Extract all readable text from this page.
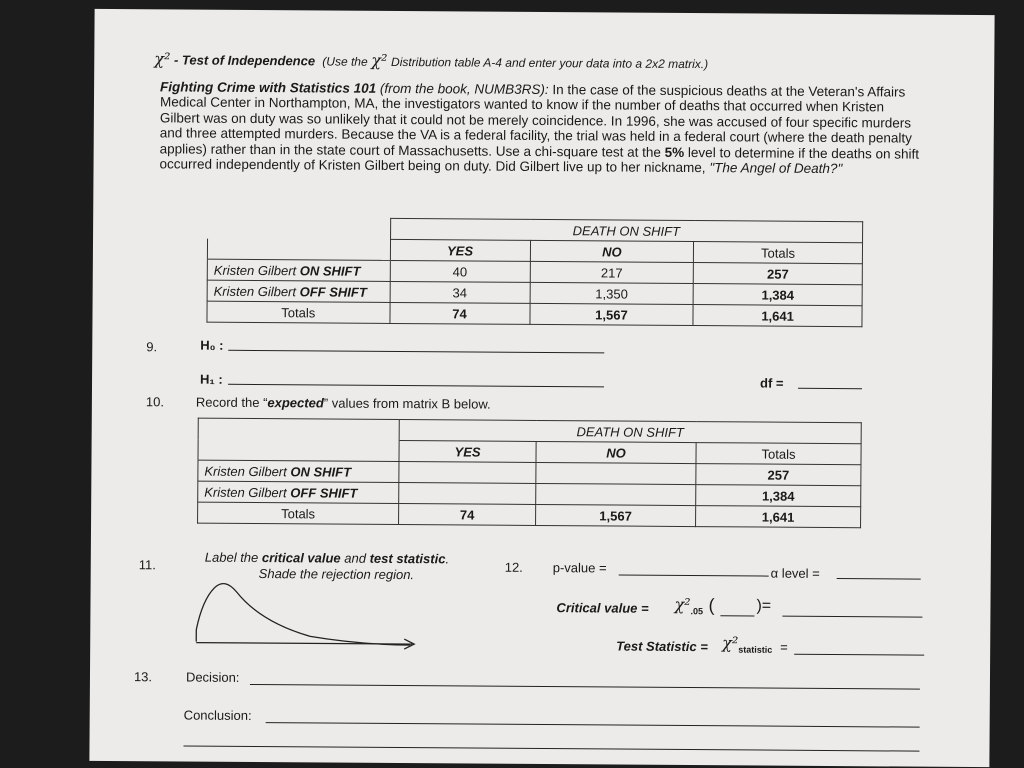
χ² - Test of Independence (Use the χ² Distribution table A-4 and enter your data into a 2x2 matrix.)
Fighting Crime with Statistics 101 (from the book, NUMB3RS): In the case of the suspicious deaths at the Veteran's Affairs Medical Center in Northampton, MA, the investigators wanted to know if the number of deaths that occurred when Kristen Gilbert was on duty was so unlikely that it could not be merely coincidence. In 1996, she was accused of four specific murders and three attempted murders. Because the VA is a federal facility, the trial was held in a federal court (where the death penalty applies) rather than in the state court of Massachusetts. Use a chi-square test at the 5% level to determine if the deaths on shift occurred independently of Kristen Gilbert being on duty. Did Gilbert live up to her nickname, "The Angel of Death?"
	DEATH ON SHIFT		
	YES	NO	Totals
Kristen Gilbert ON SHIFT	40	217	257
Kristen Gilbert OFF SHIFT	34	1,350	1,384
Totals	74	1,567	1,641
9.	H₀ :
H₁ :	df =
10. Record the “expected” values from matrix B below.
	DEATH ON SHIFT		
	YES	NO	Totals
Kristen Gilbert ON SHIFT			257
Kristen Gilbert OFF SHIFT			1,384
Totals	74	1,567	1,641
11.	Label the critical value and test statistic.
Shade the rejection region.	12. p-value =	α level =
Critical value = $\chi^2_{.05}$ (	)=
Test Statistic = $\chi^2_{statistic}$ =
13.	Decision:
Conclusion:
